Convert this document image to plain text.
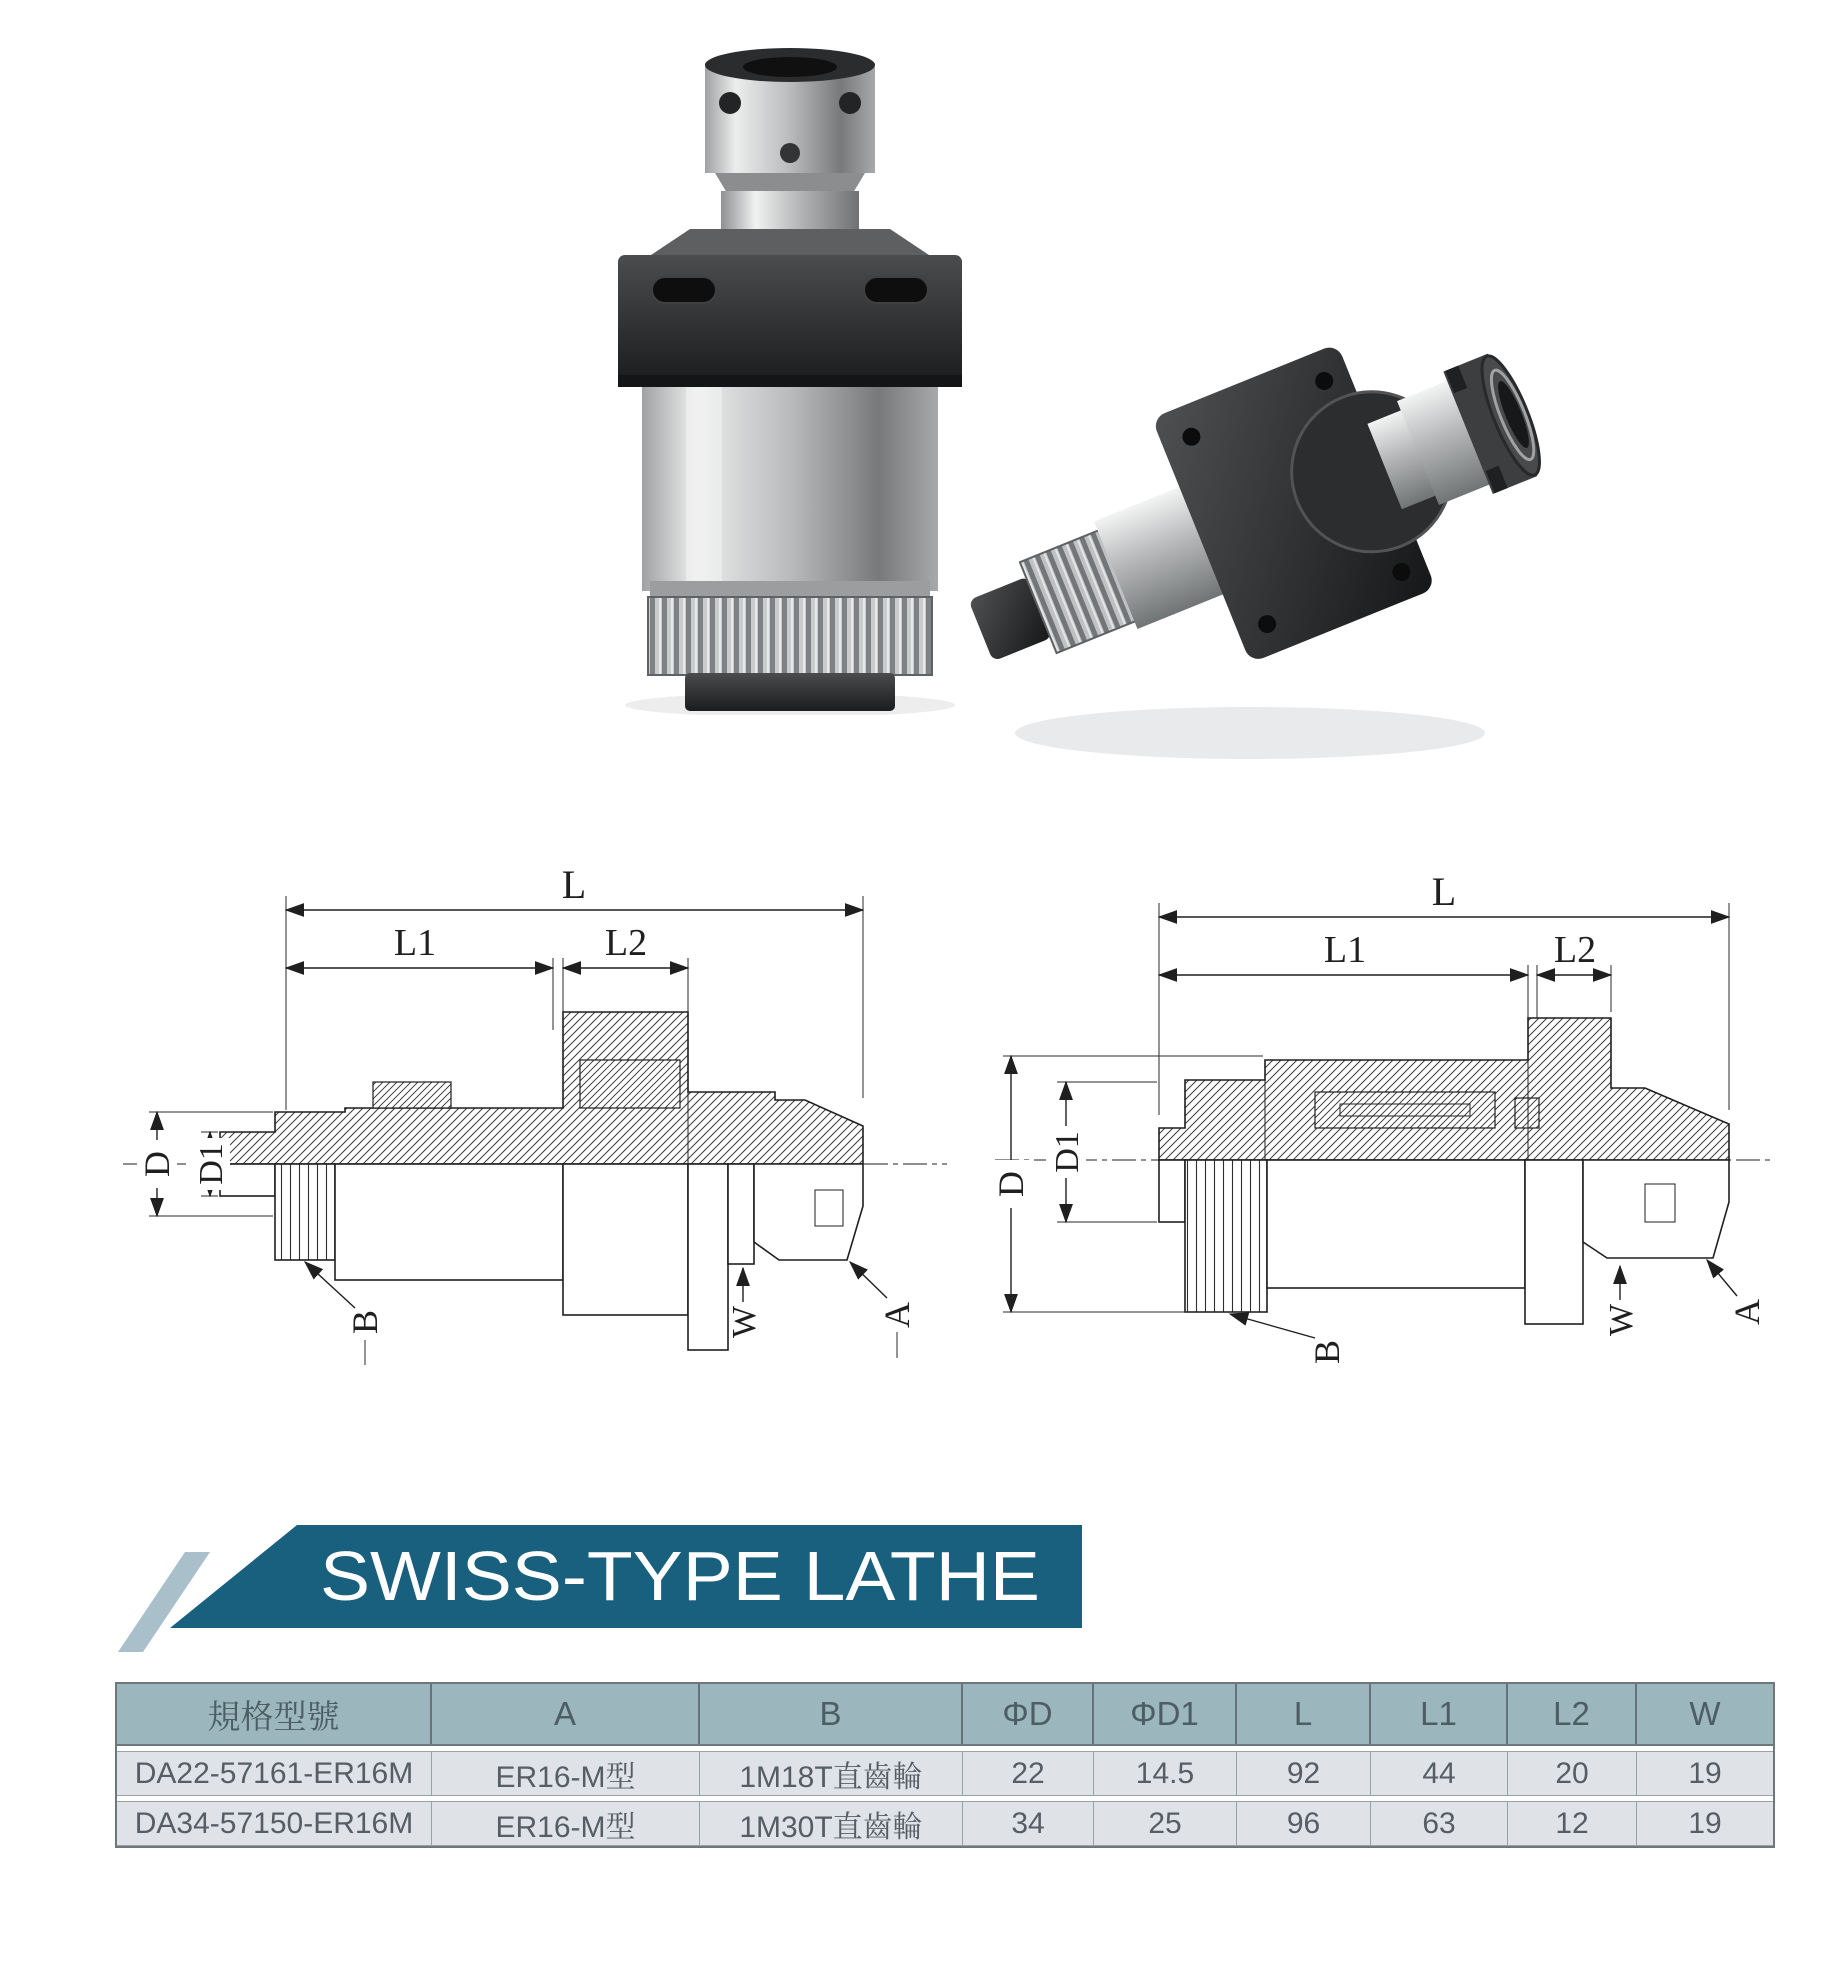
L
L1	L2
D D1
B	W	A
L
L1	L2
D
D1
B
W A
SWISS-TYPE LATHE
規格型號	A	B	ΦD	ΦD1	L	L1	L2	W
DA22-57161-ER16M	ER16-M型	1M18T直齒輪	22	14.5	92	44	20	19
DA34-57150-ER16M	ER16-M型	1M30T直齒輪	34	25	96	63	12	19
